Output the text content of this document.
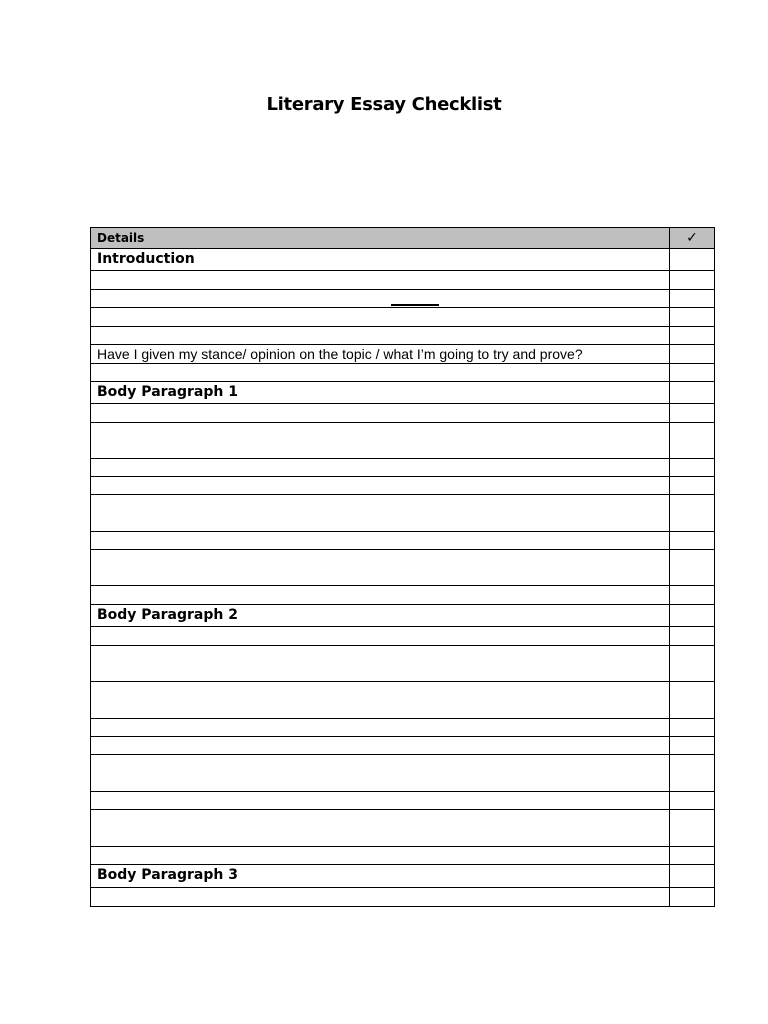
Literary Essay Checklist
Details	✓
Introduction	

Have I given my stance/ opinion on the topic / what I’m going to try and prove?	

Body Paragraph 1	

Body Paragraph 2	

Body Paragraph 3	
